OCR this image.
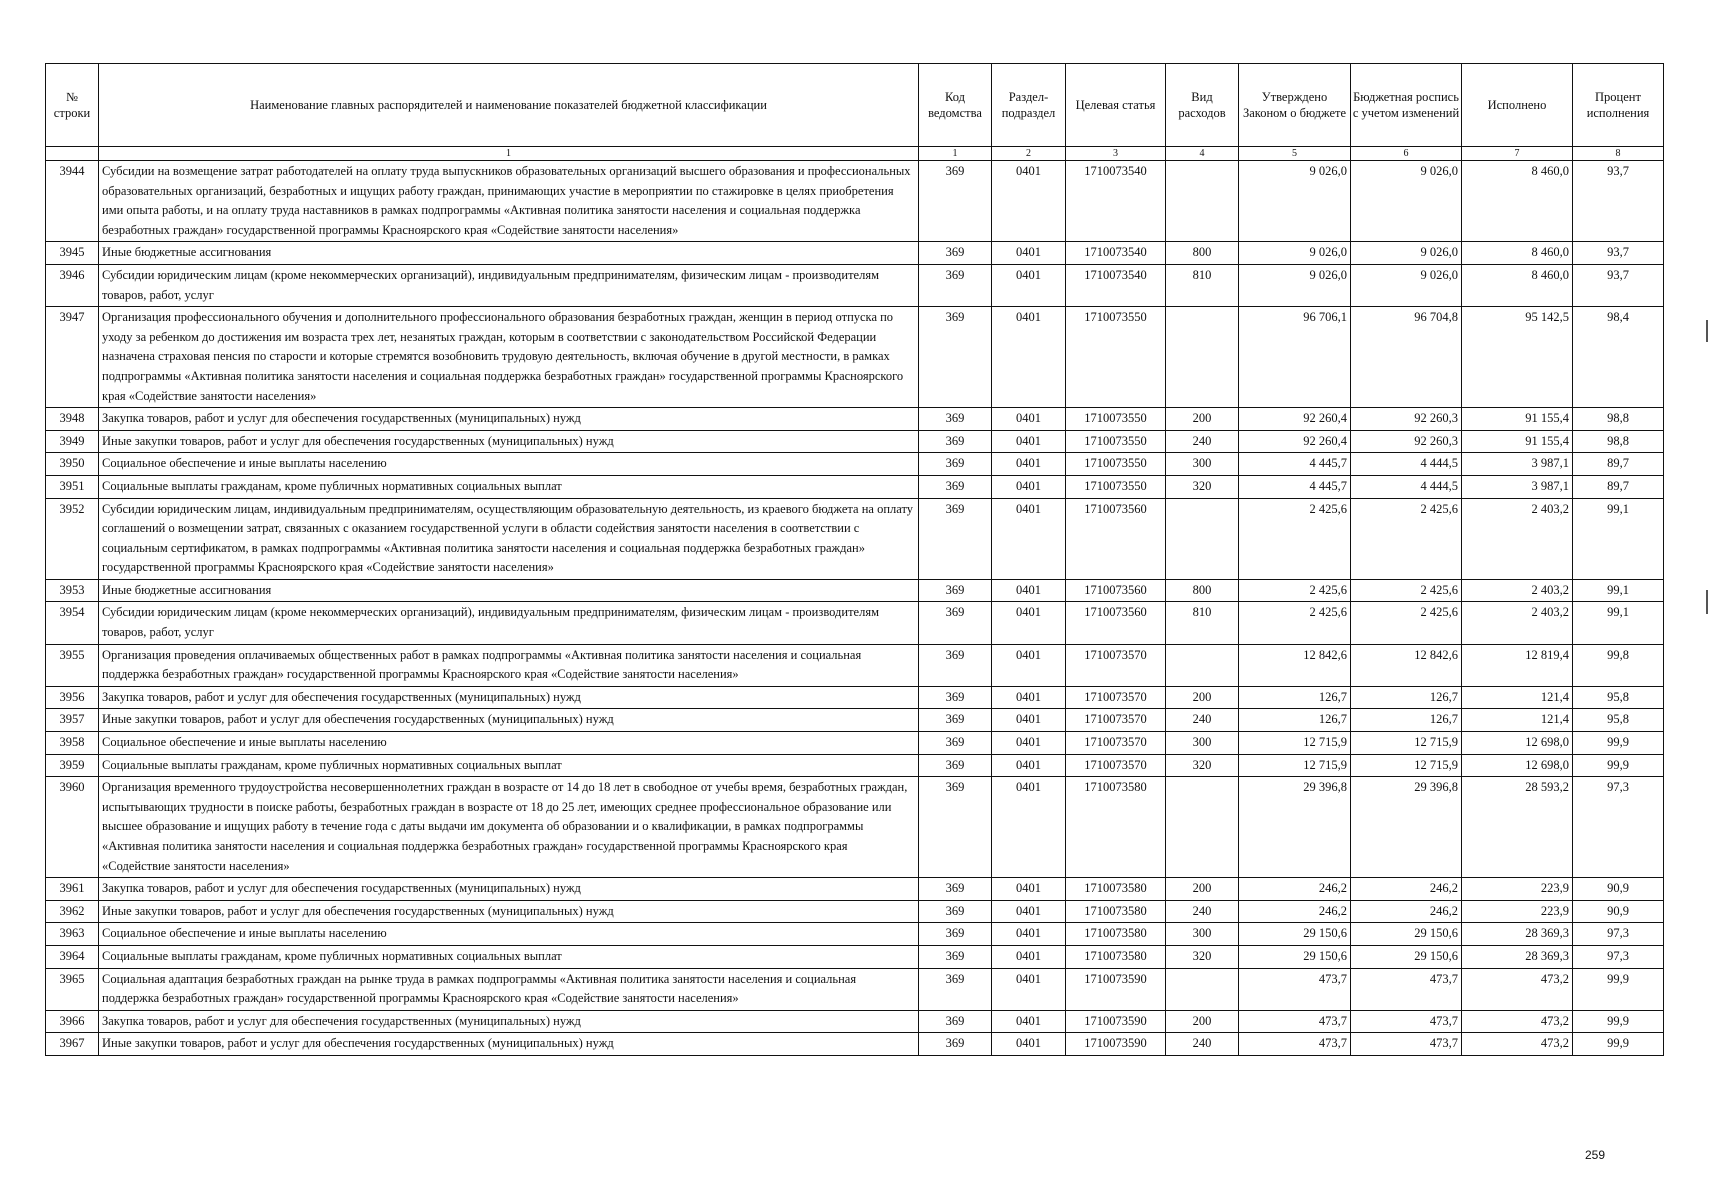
№ строки	Наименование главных распорядителей и наименование показателей бюджетной классификации	Код ведомства	Раздел-подраздел	Целевая статья	Вид расходов	Утверждено Законом о бюджете	Бюджетная роспись с учетом изменений	Исполнено	Процент исполнения
	1	1	2	3	4	5	6	7	8
3944	Субсидии на возмещение затрат работодателей на оплату труда выпускников образовательных организаций высшего образования и профессиональных образовательных организаций, безработных и ищущих работу граждан, принимающих участие в мероприятии по стажировке в целях приобретения ими опыта работы, и на оплату труда наставников в рамках подпрограммы «Активная политика занятости населения и социальная поддержка безработных граждан» государственной программы Красноярского края «Содействие занятости населения»	369	0401	1710073540		9 026,0	9 026,0	8 460,0	93,7
3945	Иные бюджетные ассигнования	369	0401	1710073540	800	9 026,0	9 026,0	8 460,0	93,7
3946	Субсидии юридическим лицам (кроме некоммерческих организаций), индивидуальным предпринимателям, физическим лицам - производителям товаров, работ, услуг	369	0401	1710073540	810	9 026,0	9 026,0	8 460,0	93,7
3947	Организация профессионального обучения и дополнительного профессионального образования безработных граждан, женщин в период отпуска по уходу за ребенком до достижения им возраста трех лет, незанятых граждан, которым в соответствии с законодательством Российской Федерации назначена страховая пенсия по старости и которые стремятся возобновить трудовую деятельность, включая обучение в другой местности, в рамках подпрограммы «Активная политика занятости населения и социальная поддержка безработных граждан» государственной программы Красноярского края «Содействие занятости населения»	369	0401	1710073550		96 706,1	96 704,8	95 142,5	98,4
3948	Закупка товаров, работ и услуг для обеспечения государственных (муниципальных) нужд	369	0401	1710073550	200	92 260,4	92 260,3	91 155,4	98,8
3949	Иные закупки товаров, работ и услуг для обеспечения государственных (муниципальных) нужд	369	0401	1710073550	240	92 260,4	92 260,3	91 155,4	98,8
3950	Социальное обеспечение и иные выплаты населению	369	0401	1710073550	300	4 445,7	4 444,5	3 987,1	89,7
3951	Социальные выплаты гражданам, кроме публичных нормативных социальных выплат	369	0401	1710073550	320	4 445,7	4 444,5	3 987,1	89,7
3952	Субсидии юридическим лицам, индивидуальным предпринимателям, осуществляющим образовательную деятельность, из краевого бюджета на оплату соглашений о возмещении затрат, связанных с оказанием государственной услуги в области содействия занятости населения в соответствии с социальным сертификатом, в рамках подпрограммы «Активная политика занятости населения и социальная поддержка безработных граждан» государственной программы Красноярского края «Содействие занятости населения»	369	0401	1710073560		2 425,6	2 425,6	2 403,2	99,1
3953	Иные бюджетные ассигнования	369	0401	1710073560	800	2 425,6	2 425,6	2 403,2	99,1
3954	Субсидии юридическим лицам (кроме некоммерческих организаций), индивидуальным предпринимателям, физическим лицам - производителям товаров, работ, услуг	369	0401	1710073560	810	2 425,6	2 425,6	2 403,2	99,1
3955	Организация проведения оплачиваемых общественных работ в рамках подпрограммы «Активная политика занятости населения и социальная поддержка безработных граждан» государственной программы Красноярского края «Содействие занятости населения»	369	0401	1710073570		12 842,6	12 842,6	12 819,4	99,8
3956	Закупка товаров, работ и услуг для обеспечения государственных (муниципальных) нужд	369	0401	1710073570	200	126,7	126,7	121,4	95,8
3957	Иные закупки товаров, работ и услуг для обеспечения государственных (муниципальных) нужд	369	0401	1710073570	240	126,7	126,7	121,4	95,8
3958	Социальное обеспечение и иные выплаты населению	369	0401	1710073570	300	12 715,9	12 715,9	12 698,0	99,9
3959	Социальные выплаты гражданам, кроме публичных нормативных социальных выплат	369	0401	1710073570	320	12 715,9	12 715,9	12 698,0	99,9
3960	Организация временного трудоустройства несовершеннолетних граждан в возрасте от 14 до 18 лет в свободное от учебы время, безработных граждан, испытывающих трудности в поиске работы, безработных граждан в возрасте от 18 до 25 лет, имеющих среднее профессиональное образование или высшее образование и ищущих работу в течение года с даты выдачи им документа об образовании и о квалификации, в рамках подпрограммы «Активная политика занятости населения и социальная поддержка безработных граждан» государственной программы Красноярского края «Содействие занятости населения»	369	0401	1710073580		29 396,8	29 396,8	28 593,2	97,3
3961	Закупка товаров, работ и услуг для обеспечения государственных (муниципальных) нужд	369	0401	1710073580	200	246,2	246,2	223,9	90,9
3962	Иные закупки товаров, работ и услуг для обеспечения государственных (муниципальных) нужд	369	0401	1710073580	240	246,2	246,2	223,9	90,9
3963	Социальное обеспечение и иные выплаты населению	369	0401	1710073580	300	29 150,6	29 150,6	28 369,3	97,3
3964	Социальные выплаты гражданам, кроме публичных нормативных социальных выплат	369	0401	1710073580	320	29 150,6	29 150,6	28 369,3	97,3
3965	Социальная адаптация безработных граждан на рынке труда в рамках подпрограммы «Активная политика занятости населения и социальная поддержка безработных граждан» государственной программы Красноярского края «Содействие занятости населения»	369	0401	1710073590		473,7	473,7	473,2	99,9
3966	Закупка товаров, работ и услуг для обеспечения государственных (муниципальных) нужд	369	0401	1710073590	200	473,7	473,7	473,2	99,9
3967	Иные закупки товаров, работ и услуг для обеспечения государственных (муниципальных) нужд	369	0401	1710073590	240	473,7	473,7	473,2	99,9
259
